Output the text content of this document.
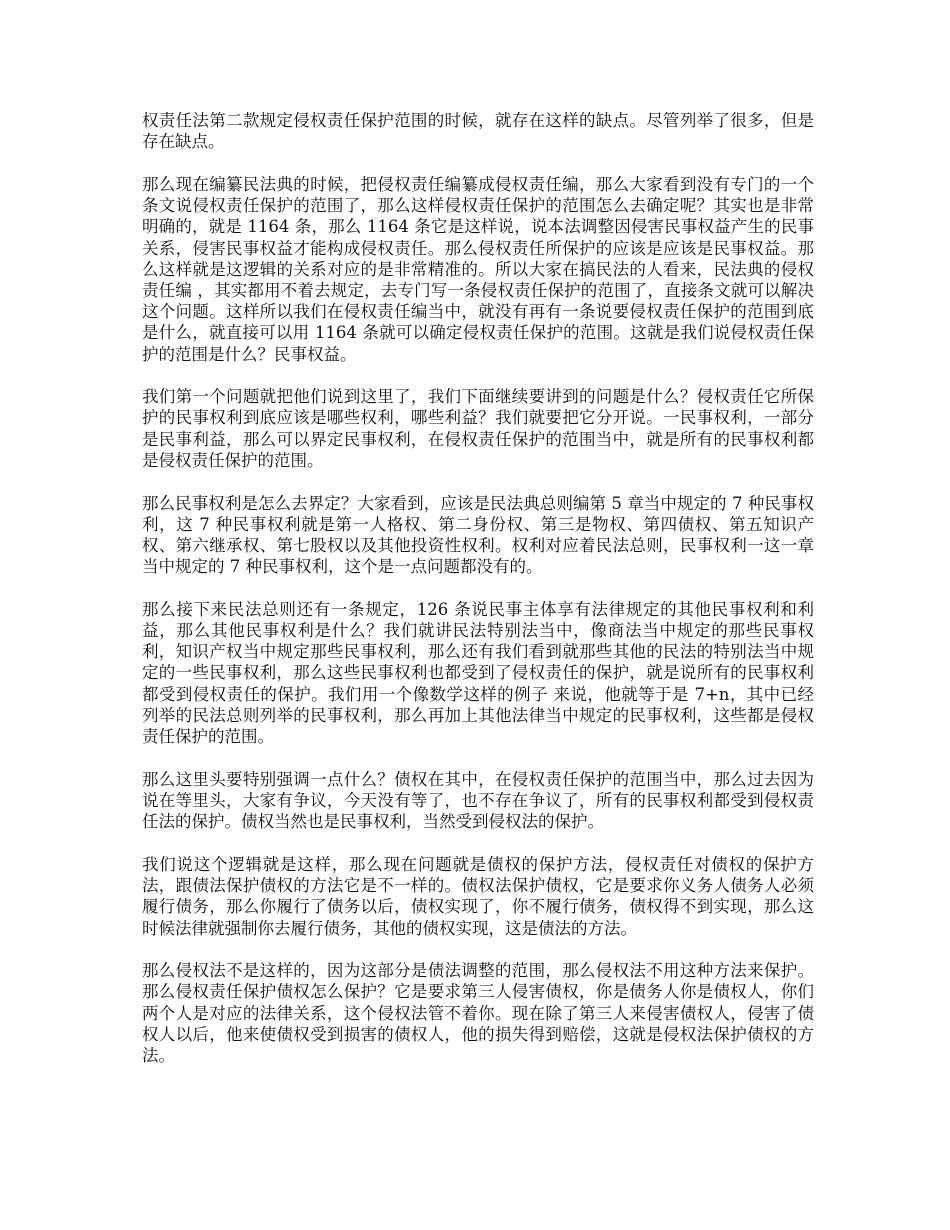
权责任法第二款规定侵权责任保护范围的时候，就存在这样的缺点。尽管列举了很多，但是存在缺点。

那么现在编纂民法典的时候，把侵权责任编纂成侵权责任编，那么大家看到没有专门的一个条文说侵权责任保护的范围了，那么这样侵权责任保护的范围怎么去确定呢？其实也是非常明确的，就是 1164 条，那么 1164 条它是这样说，说本法调整因侵害民事权益产生的民事关系，侵害民事权益才能构成侵权责任。那么侵权责任所保护的应该是应该是民事权益。那么这样就是这逻辑的关系对应的是非常精准的。所以大家在搞民法的人看来，民法典的侵权责任编 ，其实都用不着去规定，去专门写一条侵权责任保护的范围了，直接条文就可以解决这个问题。这样所以我们在侵权责任编当中，就没有再有一条说要侵权责任保护的范围到底是什么，就直接可以用 1164 条就可以确定侵权责任保护的范围。这就是我们说侵权责任保护的范围是什么？民事权益。

我们第一个问题就把他们说到这里了，我们下面继续要讲到的问题是什么？侵权责任它所保护的民事权利到底应该是哪些权利，哪些利益？我们就要把它分开说。一民事权利，一部分是民事利益，那么可以界定民事权利，在侵权责任保护的范围当中，就是所有的民事权利都是侵权责任保护的范围。

那么民事权利是怎么去界定？大家看到，应该是民法典总则编第 5 章当中规定的 7 种民事权利，这 7 种民事权利就是第一人格权、第二身份权、第三是物权、第四债权、第五知识产权、第六继承权、第七股权以及其他投资性权利。权利对应着民法总则，民事权利一这一章当中规定的 7 种民事权利，这个是一点问题都没有的。

那么接下来民法总则还有一条规定，126 条说民事主体享有法律规定的其他民事权利和利益，那么其他民事权利是什么？我们就讲民法特别法当中，像商法当中规定的那些民事权利，知识产权当中规定那些民事权利，那么还有我们看到就那些其他的民法的特别法当中规定的一些民事权利，那么这些民事权利也都受到了侵权责任的保护，就是说所有的民事权利都受到侵权责任的保护。我们用一个像数学这样的例子 来说，他就等于是 7+n，其中已经列举的民法总则列举的民事权利，那么再加上其他法律当中规定的民事权利，这些都是侵权责任保护的范围。

那么这里头要特别强调一点什么？债权在其中，在侵权责任保护的范围当中，那么过去因为说在等里头，大家有争议，今天没有等了，也不存在争议了，所有的民事权利都受到侵权责任法的保护。债权当然也是民事权利，当然受到侵权法的保护。

我们说这个逻辑就是这样，那么现在问题就是债权的保护方法，侵权责任对债权的保护方法，跟债法保护债权的方法它是不一样的。债权法保护债权，它是要求你义务人债务人必须履行债务，那么你履行了债务以后，债权实现了，你不履行债务，债权得不到实现，那么这时候法律就强制你去履行债务，其他的债权实现，这是债法的方法。

那么侵权法不是这样的，因为这部分是债法调整的范围，那么侵权法不用这种方法来保护。那么侵权责任保护债权怎么保护？它是要求第三人侵害债权，你是债务人你是债权人，你们两个人是对应的法律关系，这个侵权法管不着你。现在除了第三人来侵害债权人，侵害了债权人以后，他来使债权受到损害的债权人，他的损失得到赔偿，这就是侵权法保护债权的方法。
